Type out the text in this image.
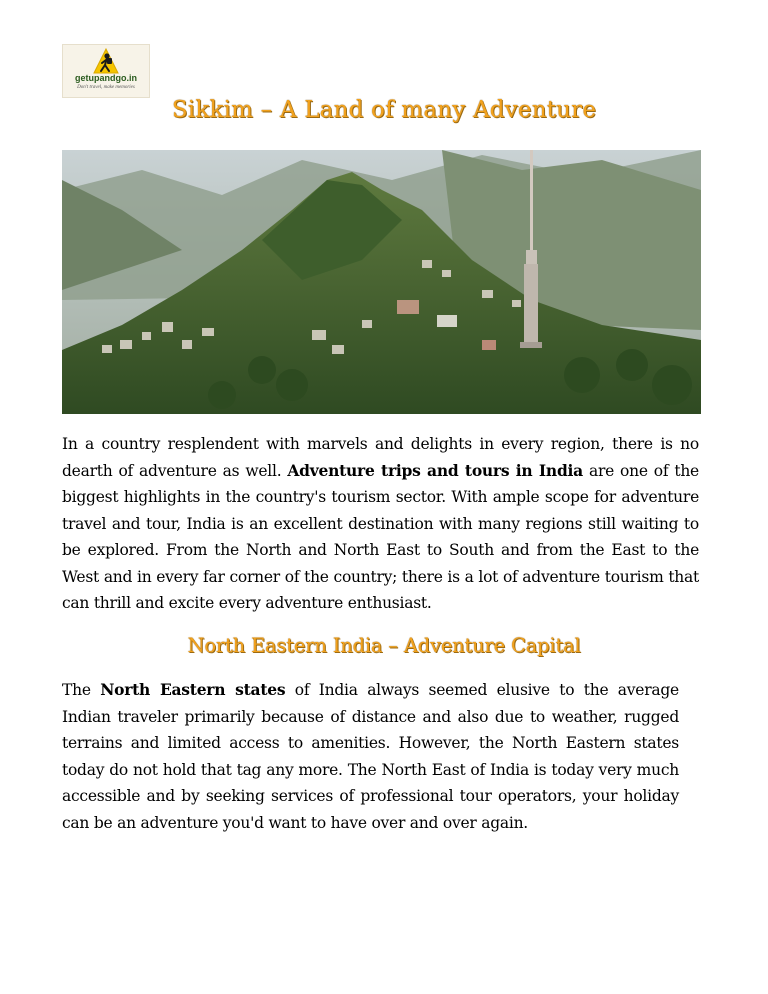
getupandgo.in
Don't travel, make memories
Sikkim – A Land of many Adventure

In a country resplendent with marvels and delights in every region, there is no dearth of adventure as well. Adventure trips and tours in India are one of the biggest highlights in the country's tourism sector. With ample scope for adventure travel and tour, India is an excellent destination with many regions still waiting to be explored. From the North and North East to South and from the East to the West and in every far corner of the country; there is a lot of adventure tourism that can thrill and excite every adventure enthusiast.

North Eastern India – Adventure Capital

The North Eastern states of India always seemed elusive to the average Indian traveler primarily because of distance and also due to weather, rugged terrains and limited access to amenities. However, the North Eastern states today do not hold that tag any more. The North East of India is today very much accessible and by seeking services of professional tour operators, your holiday can be an adventure you'd want to have over and over again.
